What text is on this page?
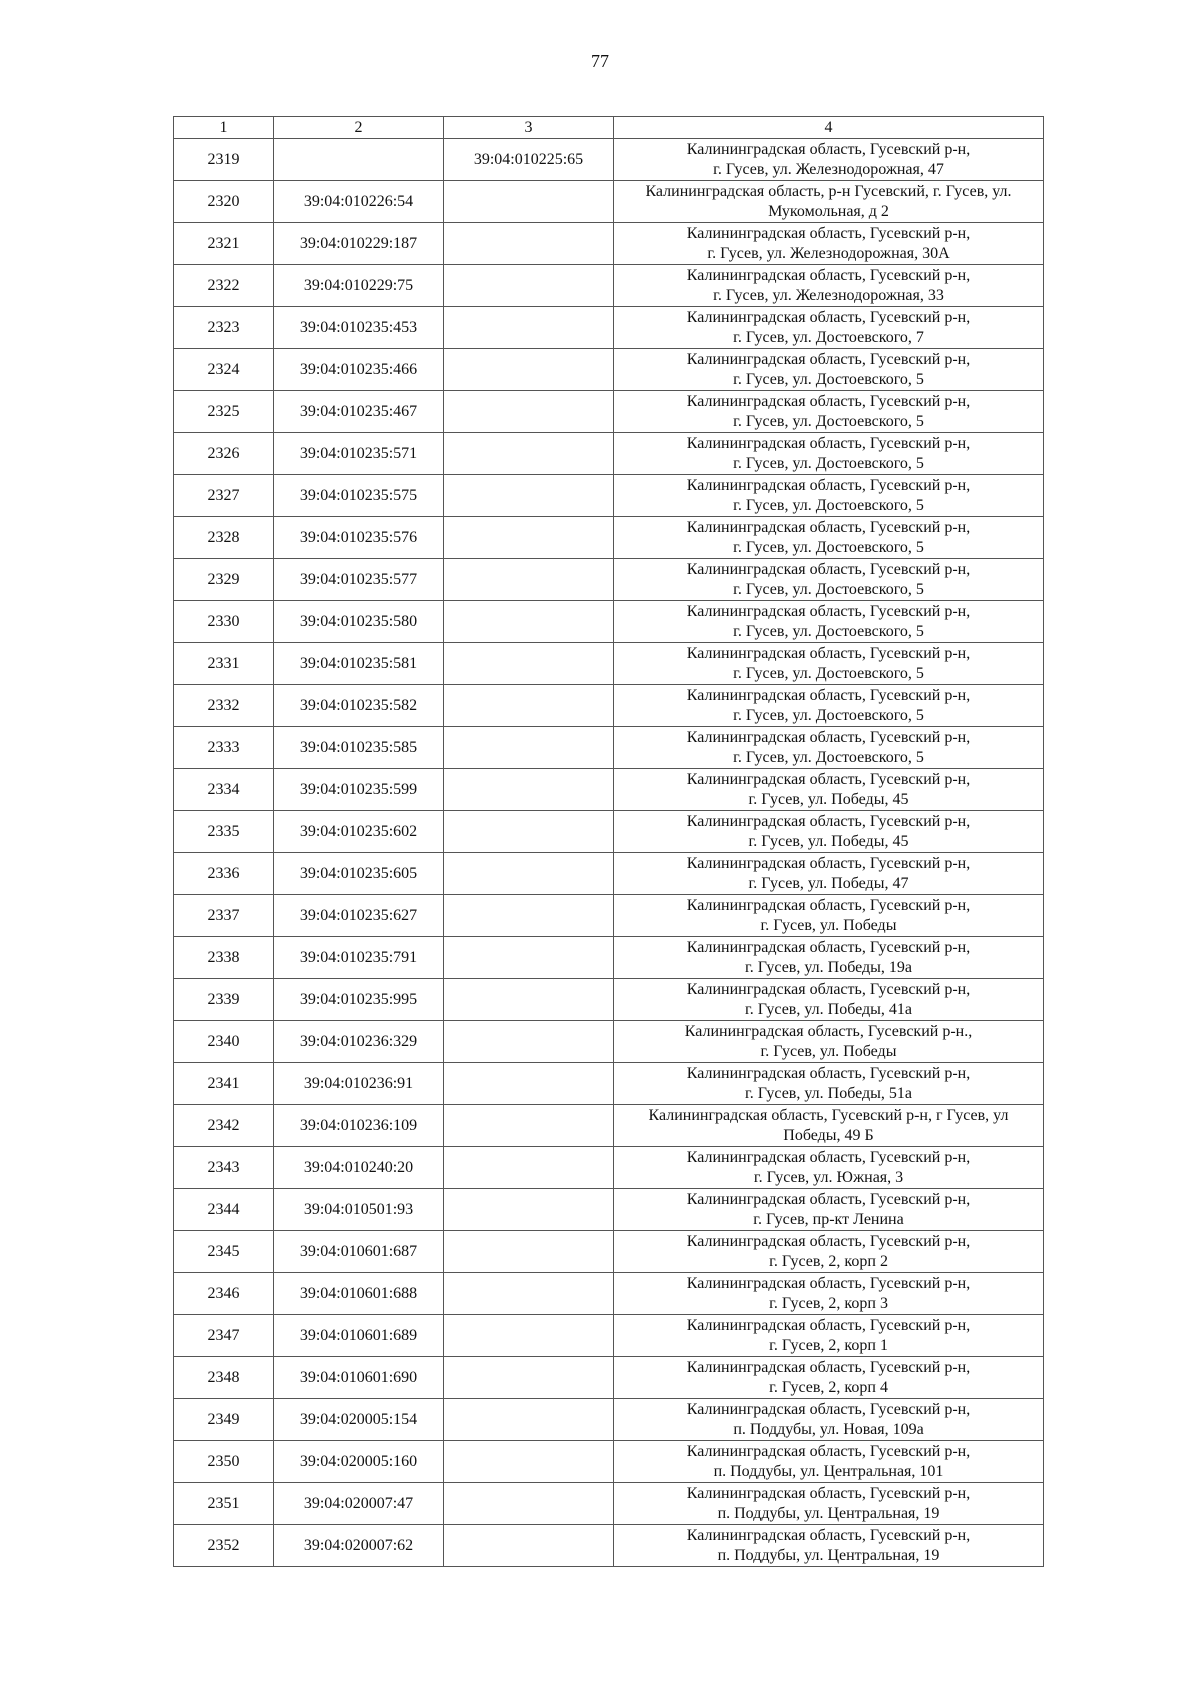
77
1	2	3	4
2319		39:04:010225:65	Калининградская область, Гусевский р-н,
г. Гусев, ул. Железнодорожная, 47

2320	39:04:010226:54		Калининградская область, р-н Гусевский, г. Гусев, ул.
Мукомольная, д 2

2321	39:04:010229:187		Калининградская область, Гусевский р-н,
г. Гусев, ул. Железнодорожная, 30А

2322	39:04:010229:75		Калининградская область, Гусевский р-н,
г. Гусев, ул. Железнодорожная, 33

2323	39:04:010235:453		Калининградская область, Гусевский р-н,
г. Гусев, ул. Достоевского, 7

2324	39:04:010235:466		Калининградская область, Гусевский р-н,
г. Гусев, ул. Достоевского, 5

2325	39:04:010235:467		Калининградская область, Гусевский р-н,
г. Гусев, ул. Достоевского, 5

2326	39:04:010235:571		Калининградская область, Гусевский р-н,
г. Гусев, ул. Достоевского, 5

2327	39:04:010235:575		Калининградская область, Гусевский р-н,
г. Гусев, ул. Достоевского, 5

2328	39:04:010235:576		Калининградская область, Гусевский р-н,
г. Гусев, ул. Достоевского, 5

2329	39:04:010235:577		Калининградская область, Гусевский р-н,
г. Гусев, ул. Достоевского, 5

2330	39:04:010235:580		Калининградская область, Гусевский р-н,
г. Гусев, ул. Достоевского, 5

2331	39:04:010235:581		Калининградская область, Гусевский р-н,
г. Гусев, ул. Достоевского, 5

2332	39:04:010235:582		Калининградская область, Гусевский р-н,
г. Гусев, ул. Достоевского, 5

2333	39:04:010235:585		Калининградская область, Гусевский р-н,
г. Гусев, ул. Достоевского, 5

2334	39:04:010235:599		Калининградская область, Гусевский р-н,
г. Гусев, ул. Победы, 45

2335	39:04:010235:602		Калининградская область, Гусевский р-н,
г. Гусев, ул. Победы, 45

2336	39:04:010235:605		Калининградская область, Гусевский р-н,
г. Гусев, ул. Победы, 47

2337	39:04:010235:627		Калининградская область, Гусевский р-н,
г. Гусев, ул. Победы

2338	39:04:010235:791		Калининградская область, Гусевский р-н,
г. Гусев, ул. Победы, 19а

2339	39:04:010235:995		Калининградская область, Гусевский р-н,
г. Гусев, ул. Победы, 41а

2340	39:04:010236:329		Калининградская область, Гусевский р-н.,
г. Гусев, ул. Победы

2341	39:04:010236:91		Калининградская область, Гусевский р-н,
г. Гусев, ул. Победы, 51а

2342	39:04:010236:109		Калининградская область, Гусевский р-н, г Гусев, ул
Победы, 49 Б

2343	39:04:010240:20		Калининградская область, Гусевский р-н,
г. Гусев, ул. Южная, 3

2344	39:04:010501:93		Калининградская область, Гусевский р-н,
г. Гусев, пр-кт Ленина

2345	39:04:010601:687		Калининградская область, Гусевский р-н,
г. Гусев, 2, корп 2

2346	39:04:010601:688		Калининградская область, Гусевский р-н,
г. Гусев, 2, корп 3

2347	39:04:010601:689		Калининградская область, Гусевский р-н,
г. Гусев, 2, корп 1

2348	39:04:010601:690		Калининградская область, Гусевский р-н,
г. Гусев, 2, корп 4

2349	39:04:020005:154		Калининградская область, Гусевский р-н,
п. Поддубы, ул. Новая, 109а

2350	39:04:020005:160		Калининградская область, Гусевский р-н,
п. Поддубы, ул. Центральная, 101

2351	39:04:020007:47		Калининградская область, Гусевский р-н,
п. Поддубы, ул. Центральная, 19

2352	39:04:020007:62		Калининградская область, Гусевский р-н,
п. Поддубы, ул. Центральная, 19
